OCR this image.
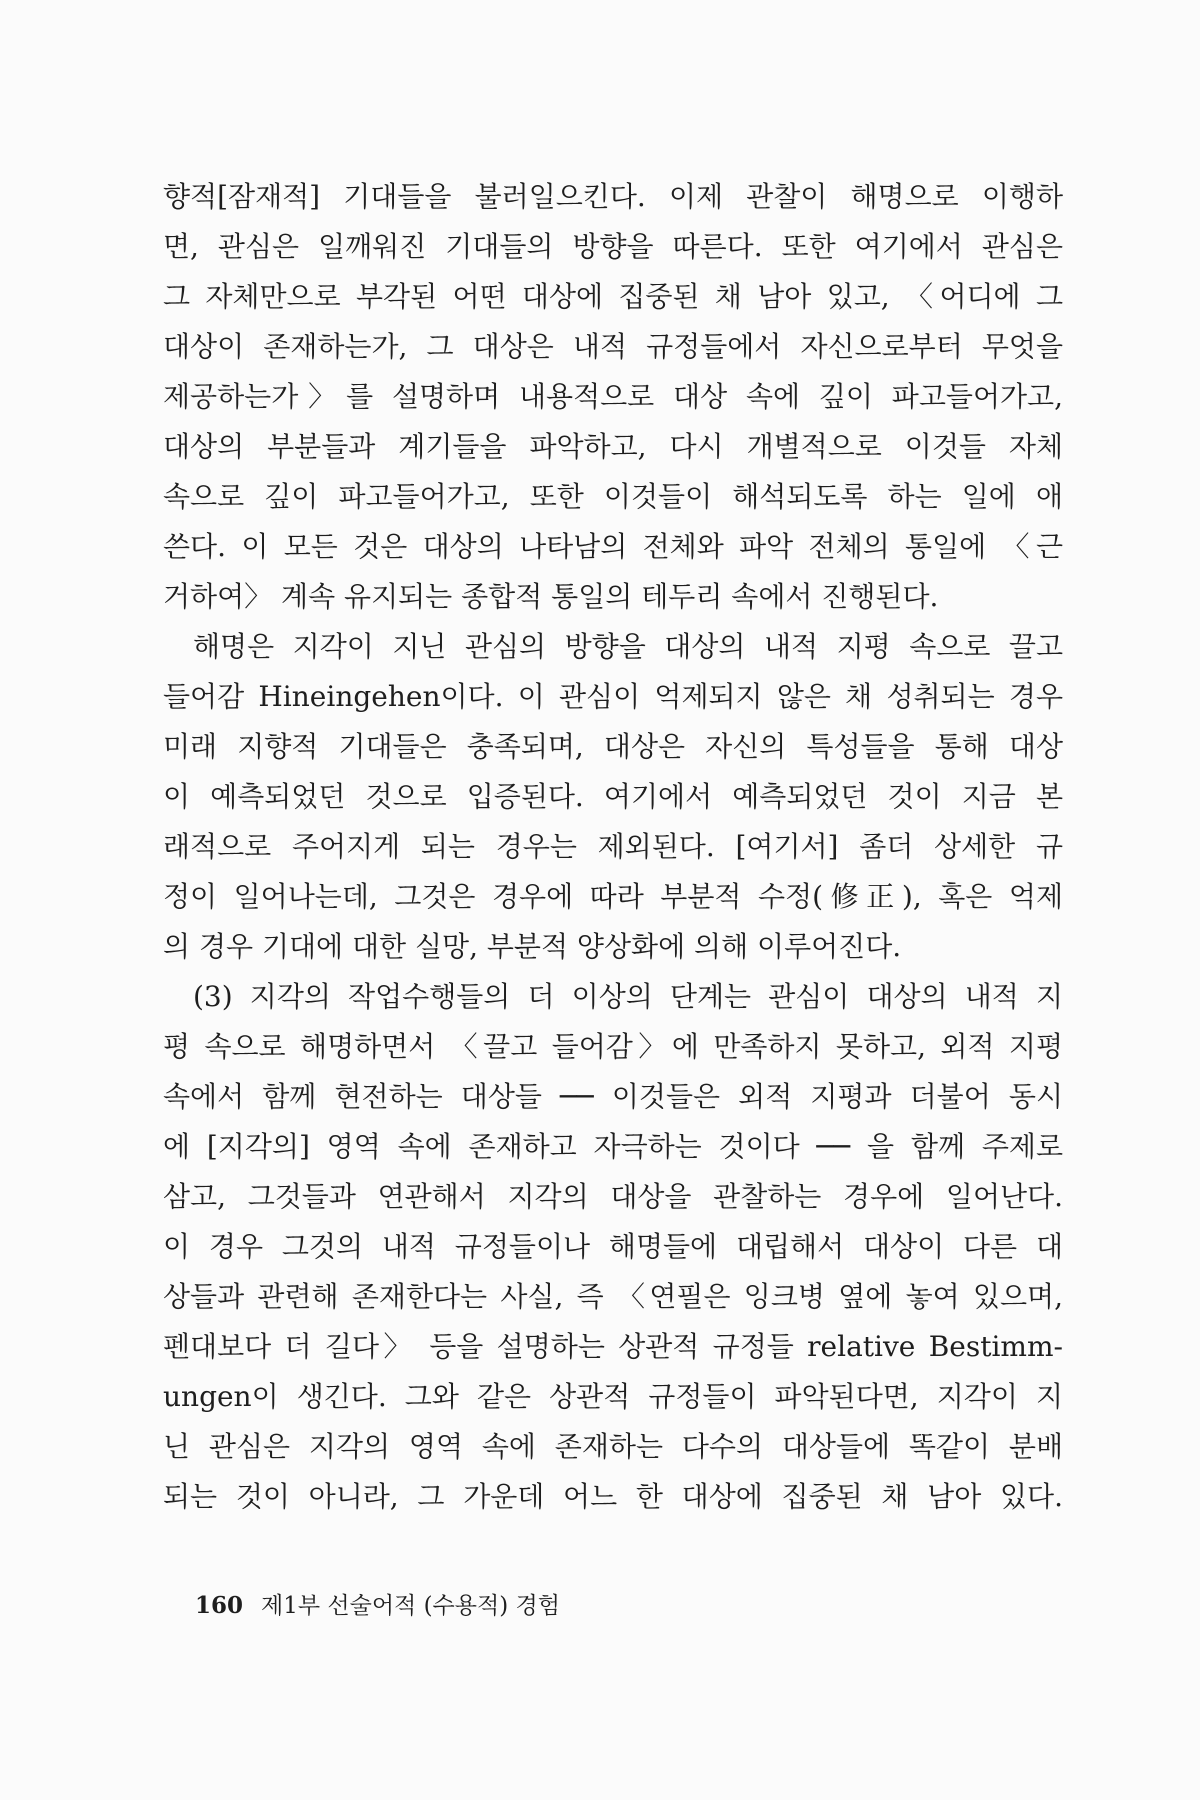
향적[잠재적] 기대들을 불러일으킨다. 이제 관찰이 해명으로 이행하
면, 관심은 일깨워진 기대들의 방향을 따른다. 또한 여기에서 관심은
그 자체만으로 부각된 어떤 대상에 집중된 채 남아 있고, 〈어디에 그
대상이 존재하는가, 그 대상은 내적 규정들에서 자신으로부터 무엇을
제공하는가〉를 설명하며 내용적으로 대상 속에 깊이 파고들어가고,
대상의 부분들과 계기들을 파악하고, 다시 개별적으로 이것들 자체
속으로 깊이 파고들어가고, 또한 이것들이 해석되도록 하는 일에 애
쓴다. 이 모든 것은 대상의 나타남의 전체와 파악 전체의 통일에 〈근
거하여〉 계속 유지되는 종합적 통일의 테두리 속에서 진행된다.
해명은 지각이 지닌 관심의 방향을 대상의 내적 지평 속으로 끌고
들어감 Hineingehen이다. 이 관심이 억제되지 않은 채 성취되는 경우
미래 지향적 기대들은 충족되며, 대상은 자신의 특성들을 통해 대상
이 예측되었던 것으로 입증된다. 여기에서 예측되었던 것이 지금 본
래적으로 주어지게 되는 경우는 제외된다. [여기서] 좀더 상세한 규
정이 일어나는데, 그것은 경우에 따라 부분적 수정(修正), 혹은 억제
의 경우 기대에 대한 실망, 부분적 양상화에 의해 이루어진다.
(3) 지각의 작업수행들의 더 이상의 단계는 관심이 대상의 내적 지
평 속으로 해명하면서 〈끌고 들어감〉에 만족하지 못하고, 외적 지평
속에서 함께 현전하는 대상들 ── 이것들은 외적 지평과 더불어 동시
에 [지각의] 영역 속에 존재하고 자극하는 것이다 ── 을 함께 주제로
삼고, 그것들과 연관해서 지각의 대상을 관찰하는 경우에 일어난다.
이 경우 그것의 내적 규정들이나 해명들에 대립해서 대상이 다른 대
상들과 관련해 존재한다는 사실, 즉 〈연필은 잉크병 옆에 놓여 있으며,
펜대보다 더 길다〉 등을 설명하는 상관적 규정들 relative Bestimm-
ungen이 생긴다. 그와 같은 상관적 규정들이 파악된다면, 지각이 지
닌 관심은 지각의 영역 속에 존재하는 다수의 대상들에 똑같이 분배
되는 것이 아니라, 그 가운데 어느 한 대상에 집중된 채 남아 있다.
160 제1부 선술어적 (수용적) 경험
